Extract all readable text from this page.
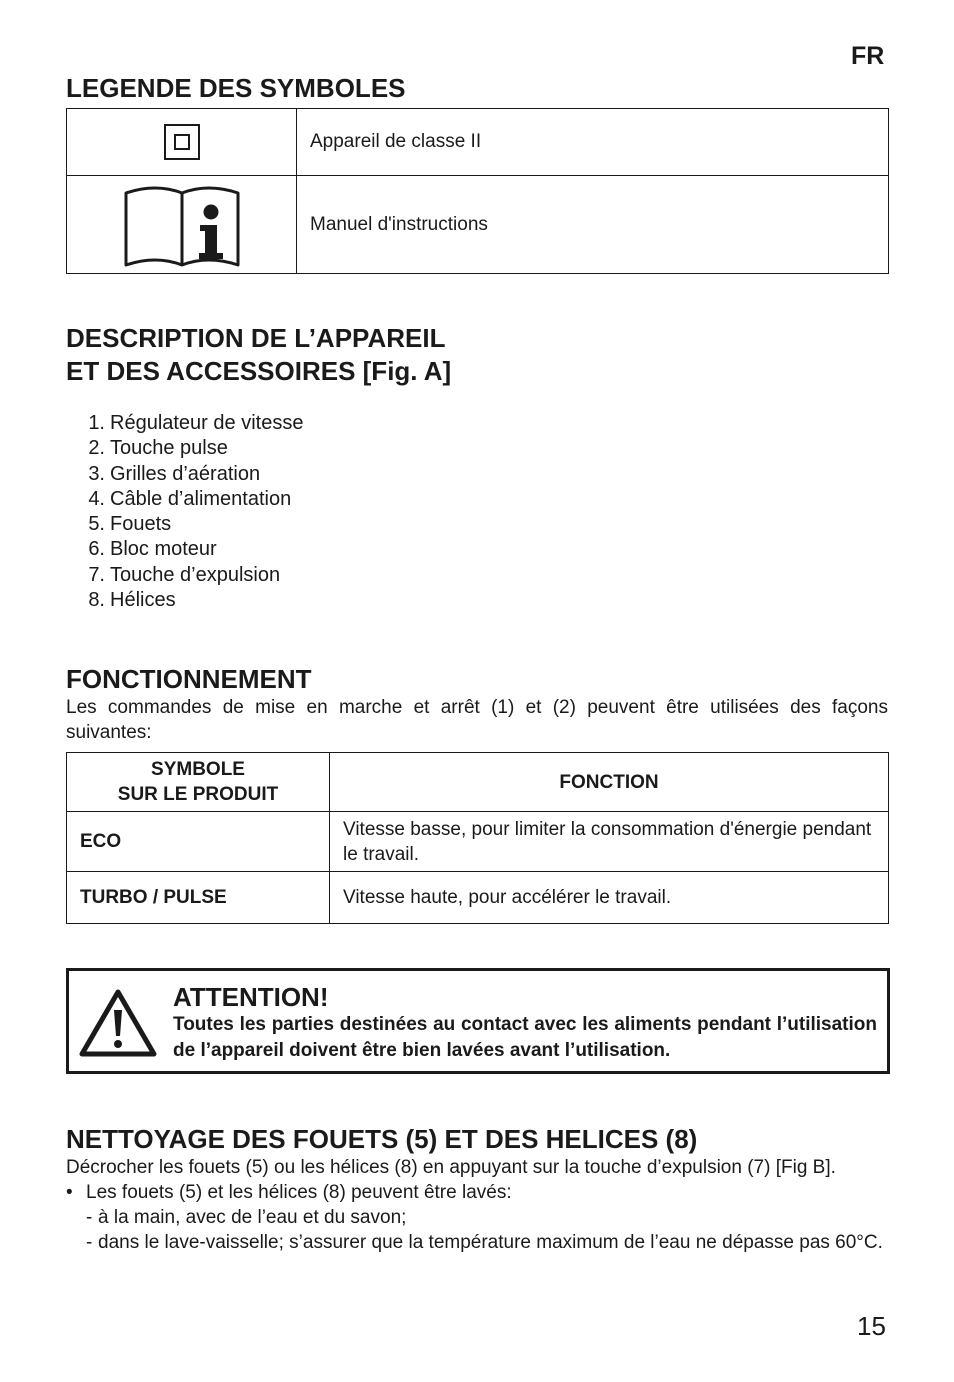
FR
LEGENDE DES SYMBOLES
	Appareil de classe II
	Manuel d'instructions
DESCRIPTION DE L’APPAREIL
ET DES ACCESSOIRES [Fig. A]
1. Régulateur de vitesse
2. Touche pulse
3. Grilles d’aération
4. Câble d’alimentation
5. Fouets
6. Bloc moteur
7. Touche d’expulsion
8. Hélices
FONCTIONNEMENT
Les commandes de mise en marche et arrêt (1) et (2) peuvent être utilisées des façons suivantes:
SYMBOLE
SUR LE PRODUIT	FONCTION
ECO	Vitesse basse, pour limiter la consommation d'énergie pendant le travail.
TURBO / PULSE	Vitesse haute, pour accélérer le travail.
ATTENTION!
Toutes les parties destinées au contact avec les aliments pendant l’utilisation de l’appareil doivent être bien lavées avant l’utilisation.
NETTOYAGE DES FOUETS (5) ET DES HELICES (8)
Décrocher les fouets (5) ou les hélices (8) en appuyant sur la touche d’expulsion (7) [Fig B].
• Les fouets (5) et les hélices (8) peuvent être lavés:
- à la main, avec de l’eau et du savon;
- dans le lave-vaisselle; s’assurer que la température maximum de l’eau ne dépasse pas 60°C.
15
